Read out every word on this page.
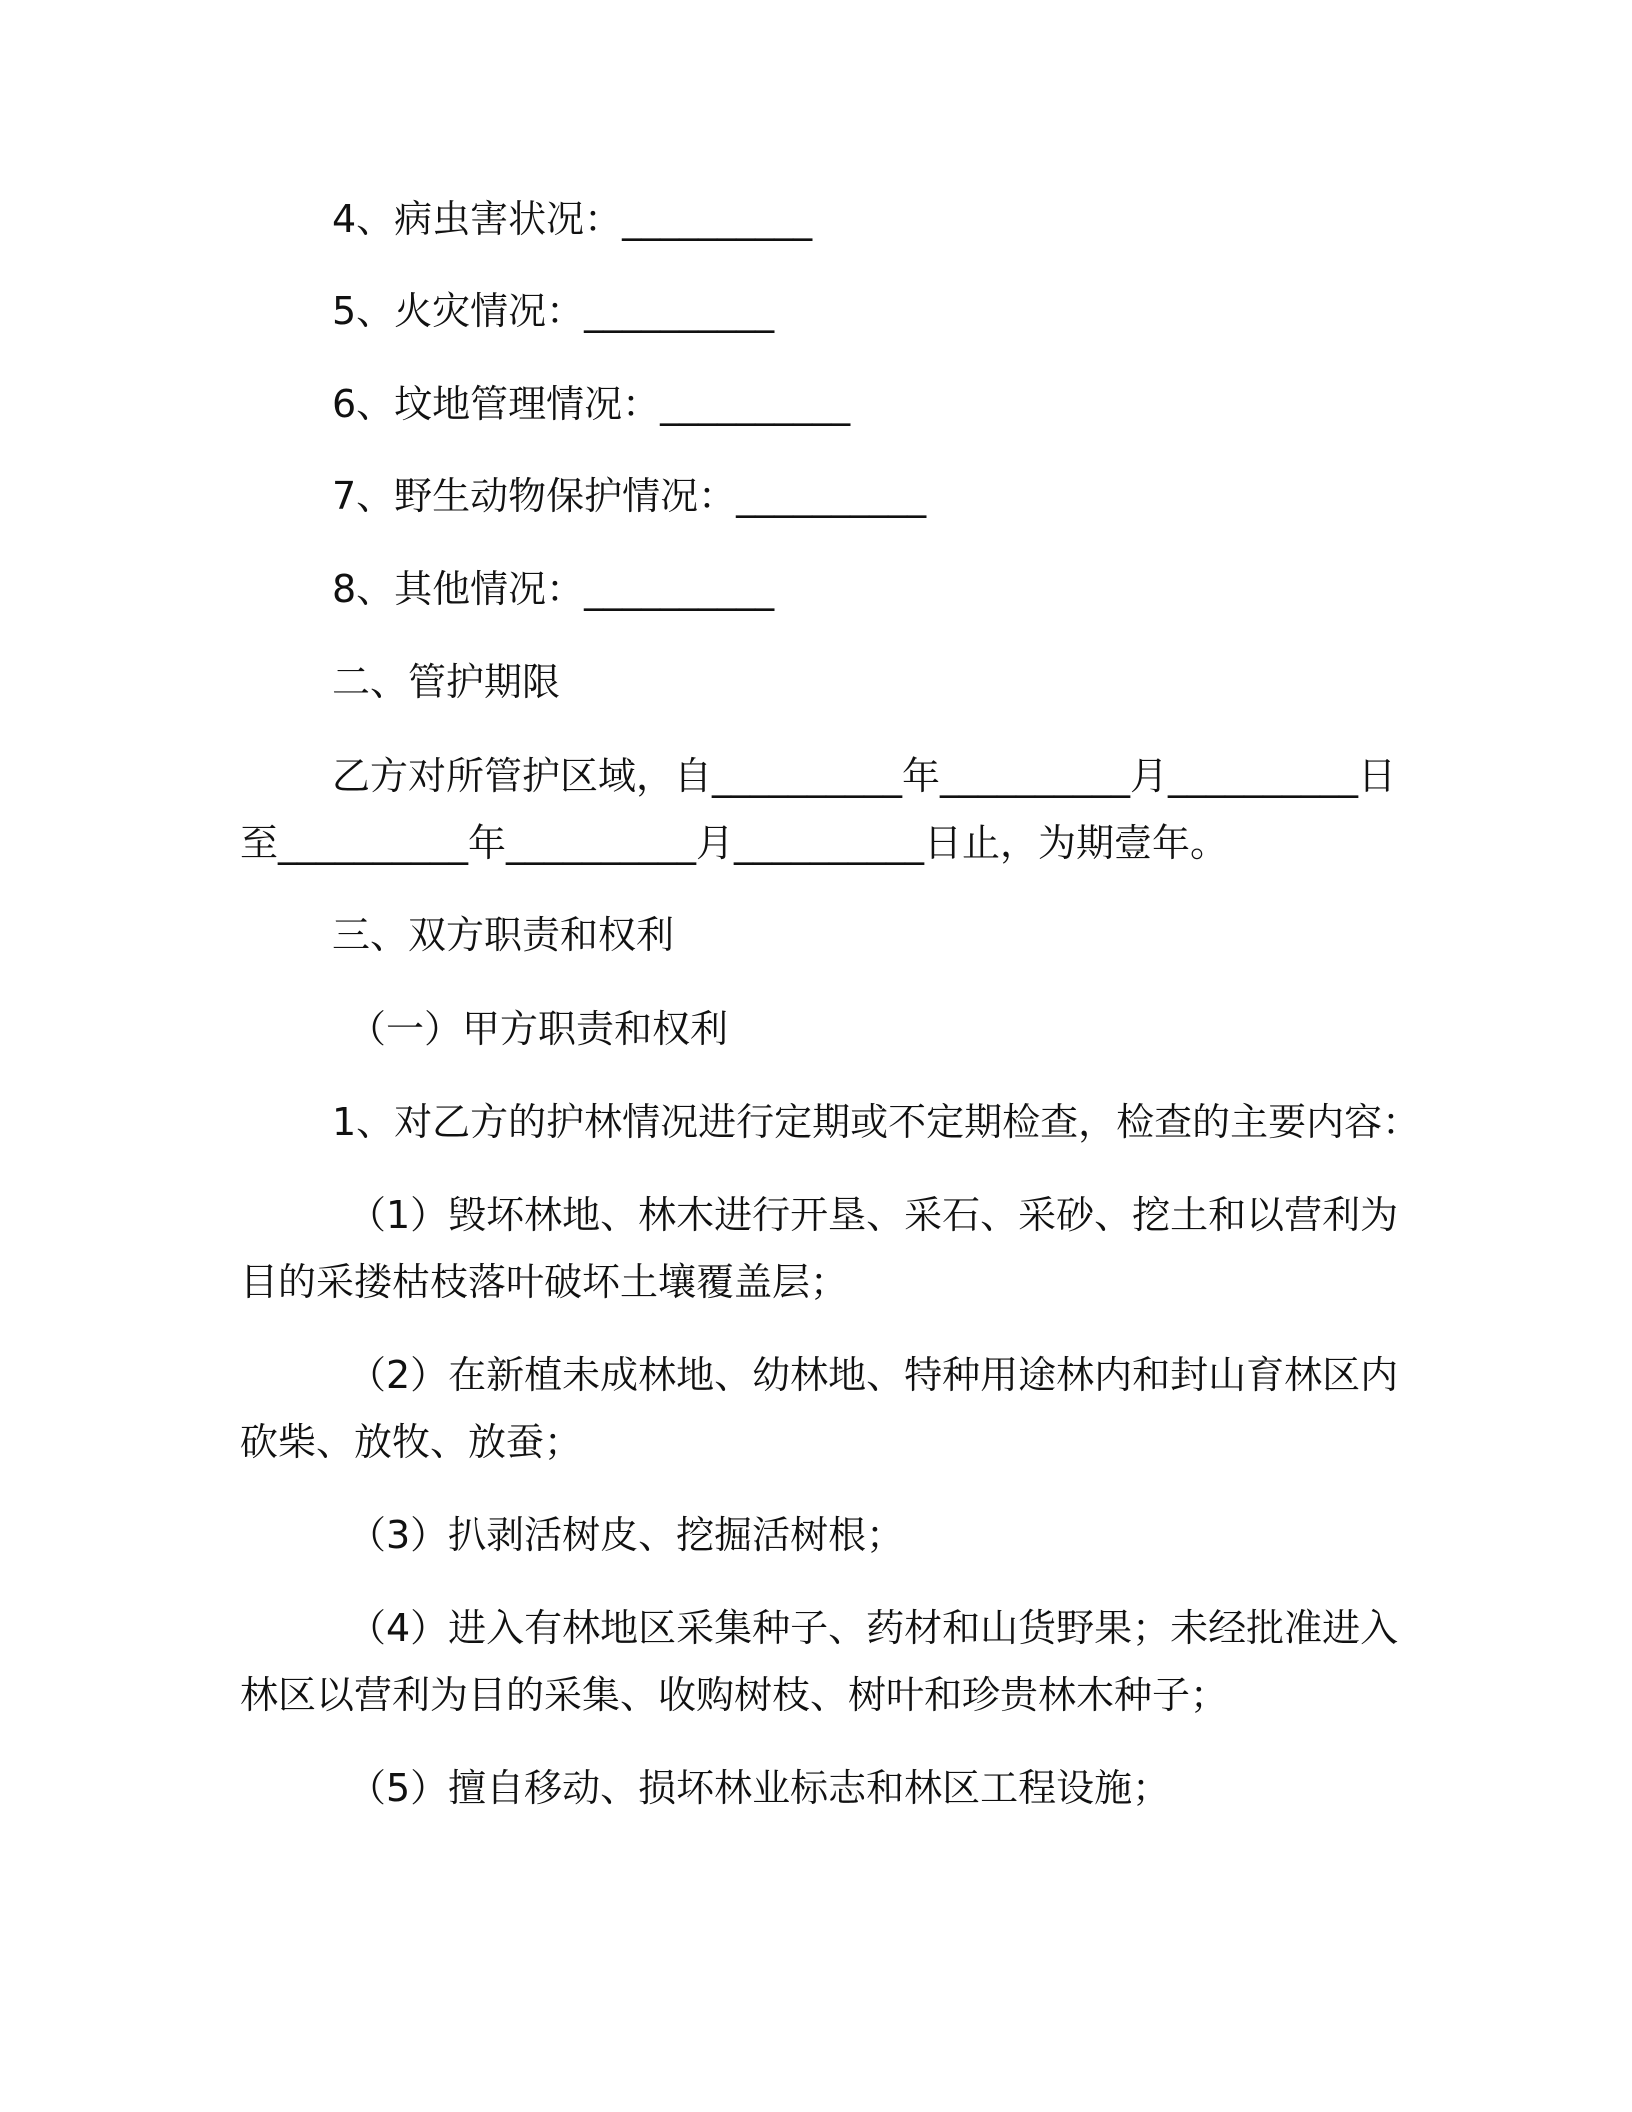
4、病虫害状况：__________
5、火灾情况：__________
6、坟地管理情况：__________
7、野生动物保护情况：__________
8、其他情况：__________
二、管护期限
乙方对所管护区域，自__________年__________月__________日
至__________年__________月__________日止，为期壹年。
三、双方职责和权利
（一）甲方职责和权利
1、对乙方的护林情况进行定期或不定期检查，检查的主要内容：
（1）毁坏林地、林木进行开垦、采石、采砂、挖土和以营利为
目的采搂枯枝落叶破坏土壤覆盖层；
（2）在新植未成林地、幼林地、特种用途林内和封山育林区内
砍柴、放牧、放蚕；
（3）扒剥活树皮、挖掘活树根；
（4）进入有林地区采集种子、药材和山货野果；未经批准进入
林区以营利为目的采集、收购树枝、树叶和珍贵林木种子；
（5）擅自移动、损坏林业标志和林区工程设施；
